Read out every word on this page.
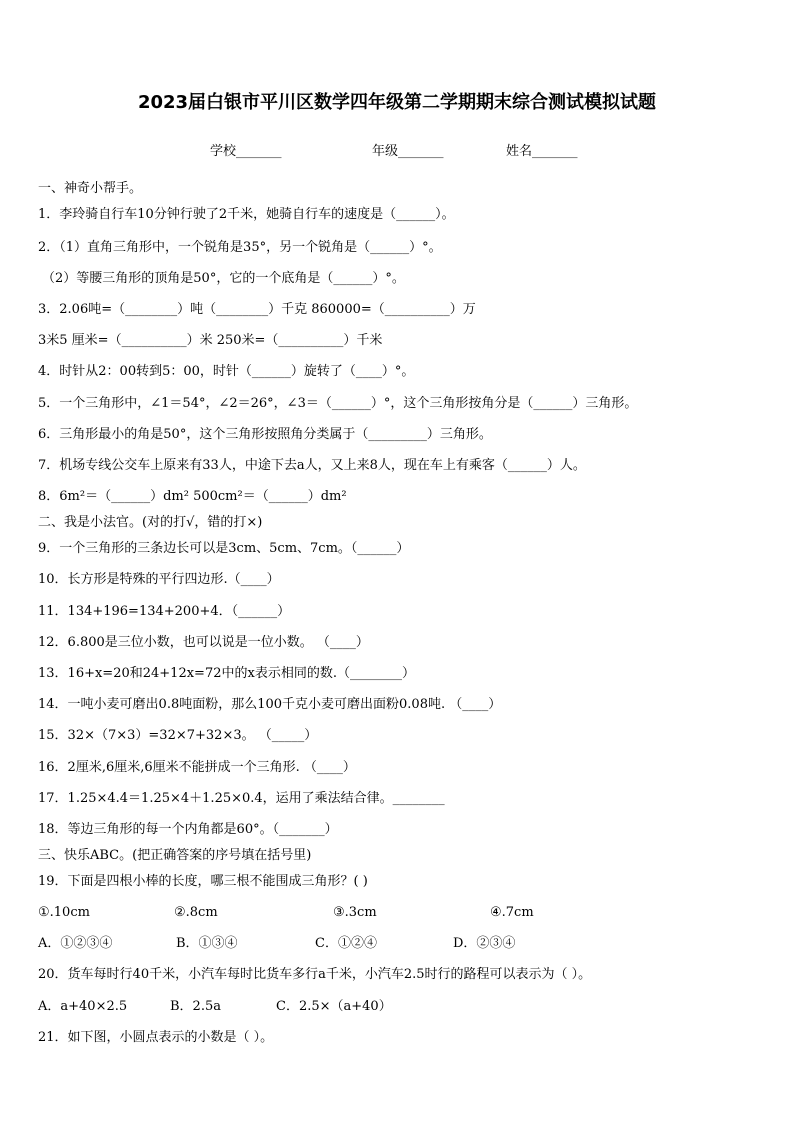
2023届白银市平川区数学四年级第二学期期末综合测试模拟试题
学校_______	年级_______	姓名_______
一、神奇小帮手。
1．李玲骑自行车10分钟行驶了2千米，她骑自行车的速度是（______）。
2．（1）直角三角形中，一个锐角是35°，另一个锐角是（______）°。
（2）等腰三角形的顶角是50°，它的一个底角是（______）°。
3．2.06吨=（________）吨（________）千克 860000=（__________）万
3米5 厘米=（__________）米 250米=（__________）千米
4．时针从2：00转到5：00，时针（______）旋转了（____）°。
5．一个三角形中，∠1＝54°，∠2＝26°，∠3＝（______）°，这个三角形按角分是（______）三角形。
6．三角形最小的角是50°，这个三角形按照角分类属于（_________）三角形。
7．机场专线公交车上原来有33人，中途下去a人，又上来8人，现在车上有乘客（______）人。
8．6m²＝（______）dm² 500cm²＝（______）dm²
二、我是小法官。(对的打√，错的打×)
9．一个三角形的三条边长可以是3cm、5cm、7cm。（______）
10．长方形是特殊的平行四边形.（____）
11．134+196=134+200+4．（______）
12．6.800是三位小数，也可以说是一位小数。 （____）
13．16+x=20和24+12x=72中的x表示相同的数.（________）
14．一吨小麦可磨出0.8吨面粉，那么100千克小麦可磨出面粉0.08吨. （____）
15．32×（7×3）=32×7+32×3。 （_____）
16．2厘米,6厘米,6厘米不能拼成一个三角形. （____）
17．1.25×4.4＝1.25×4＋1.25×0.4，运用了乘法结合律。________
18．等边三角形的每一个内角都是60°。（_______）
三、快乐ABC。(把正确答案的序号填在括号里)
19．下面是四根小棒的长度，哪三根不能围成三角形？( )
①.10cm	②.8cm	③.3cm	④.7cm
A．①②③④	B．①③④	C．①②④	D．②③④
20．货车每时行40千米，小汽车每时比货车多行a千米，小汽车2.5时行的路程可以表示为（ ）。
A．a+40×2.5	B．2.5a	C．2.5×（a+40）
21．如下图，小圆点表示的小数是（ ）。
